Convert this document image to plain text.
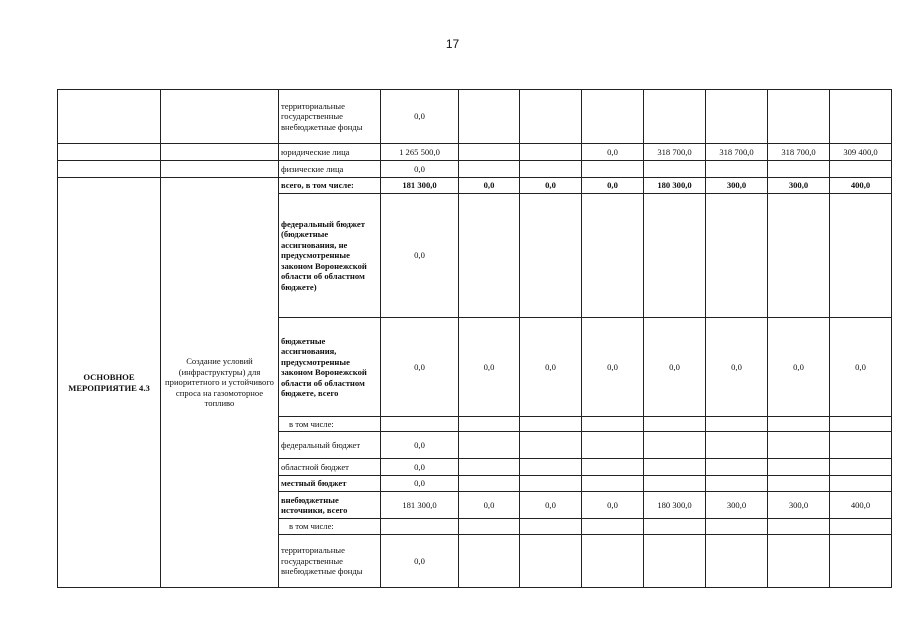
17
		территориальные государственные внебюджетные фонды	0,0							
		юридические лица	1 265 500,0			0,0	318 700,0	318 700,0	318 700,0	309 400,0
		физические лица	0,0							
ОСНОВНОЕ МЕРОПРИЯТИЕ 4.3	Создание условий (инфраструктуры) для приоритетного и устойчивого спроса на газомоторное топливо	всего, в том числе:	181 300,0	0,0	0,0	0,0	180 300,0	300,0	300,0	400,0
		федеральный бюджет (бюджетные ассигнования, не предусмотренные законом Воронежской области об областном бюджете)	0,0							
		бюджетные ассигнования, предусмотренные законом Воронежской области об областном бюджете, всего	0,0	0,0	0,0	0,0	0,0	0,0	0,0	0,0
		в том числе:								
		федеральный бюджет	0,0							
		областной бюджет	0,0							
		местный бюджет	0,0							
		внебюджетные источники, всего	181 300,0	0,0	0,0	0,0	180 300,0	300,0	300,0	400,0
		в том числе:								
		территориальные государственные внебюджетные фонды	0,0							
